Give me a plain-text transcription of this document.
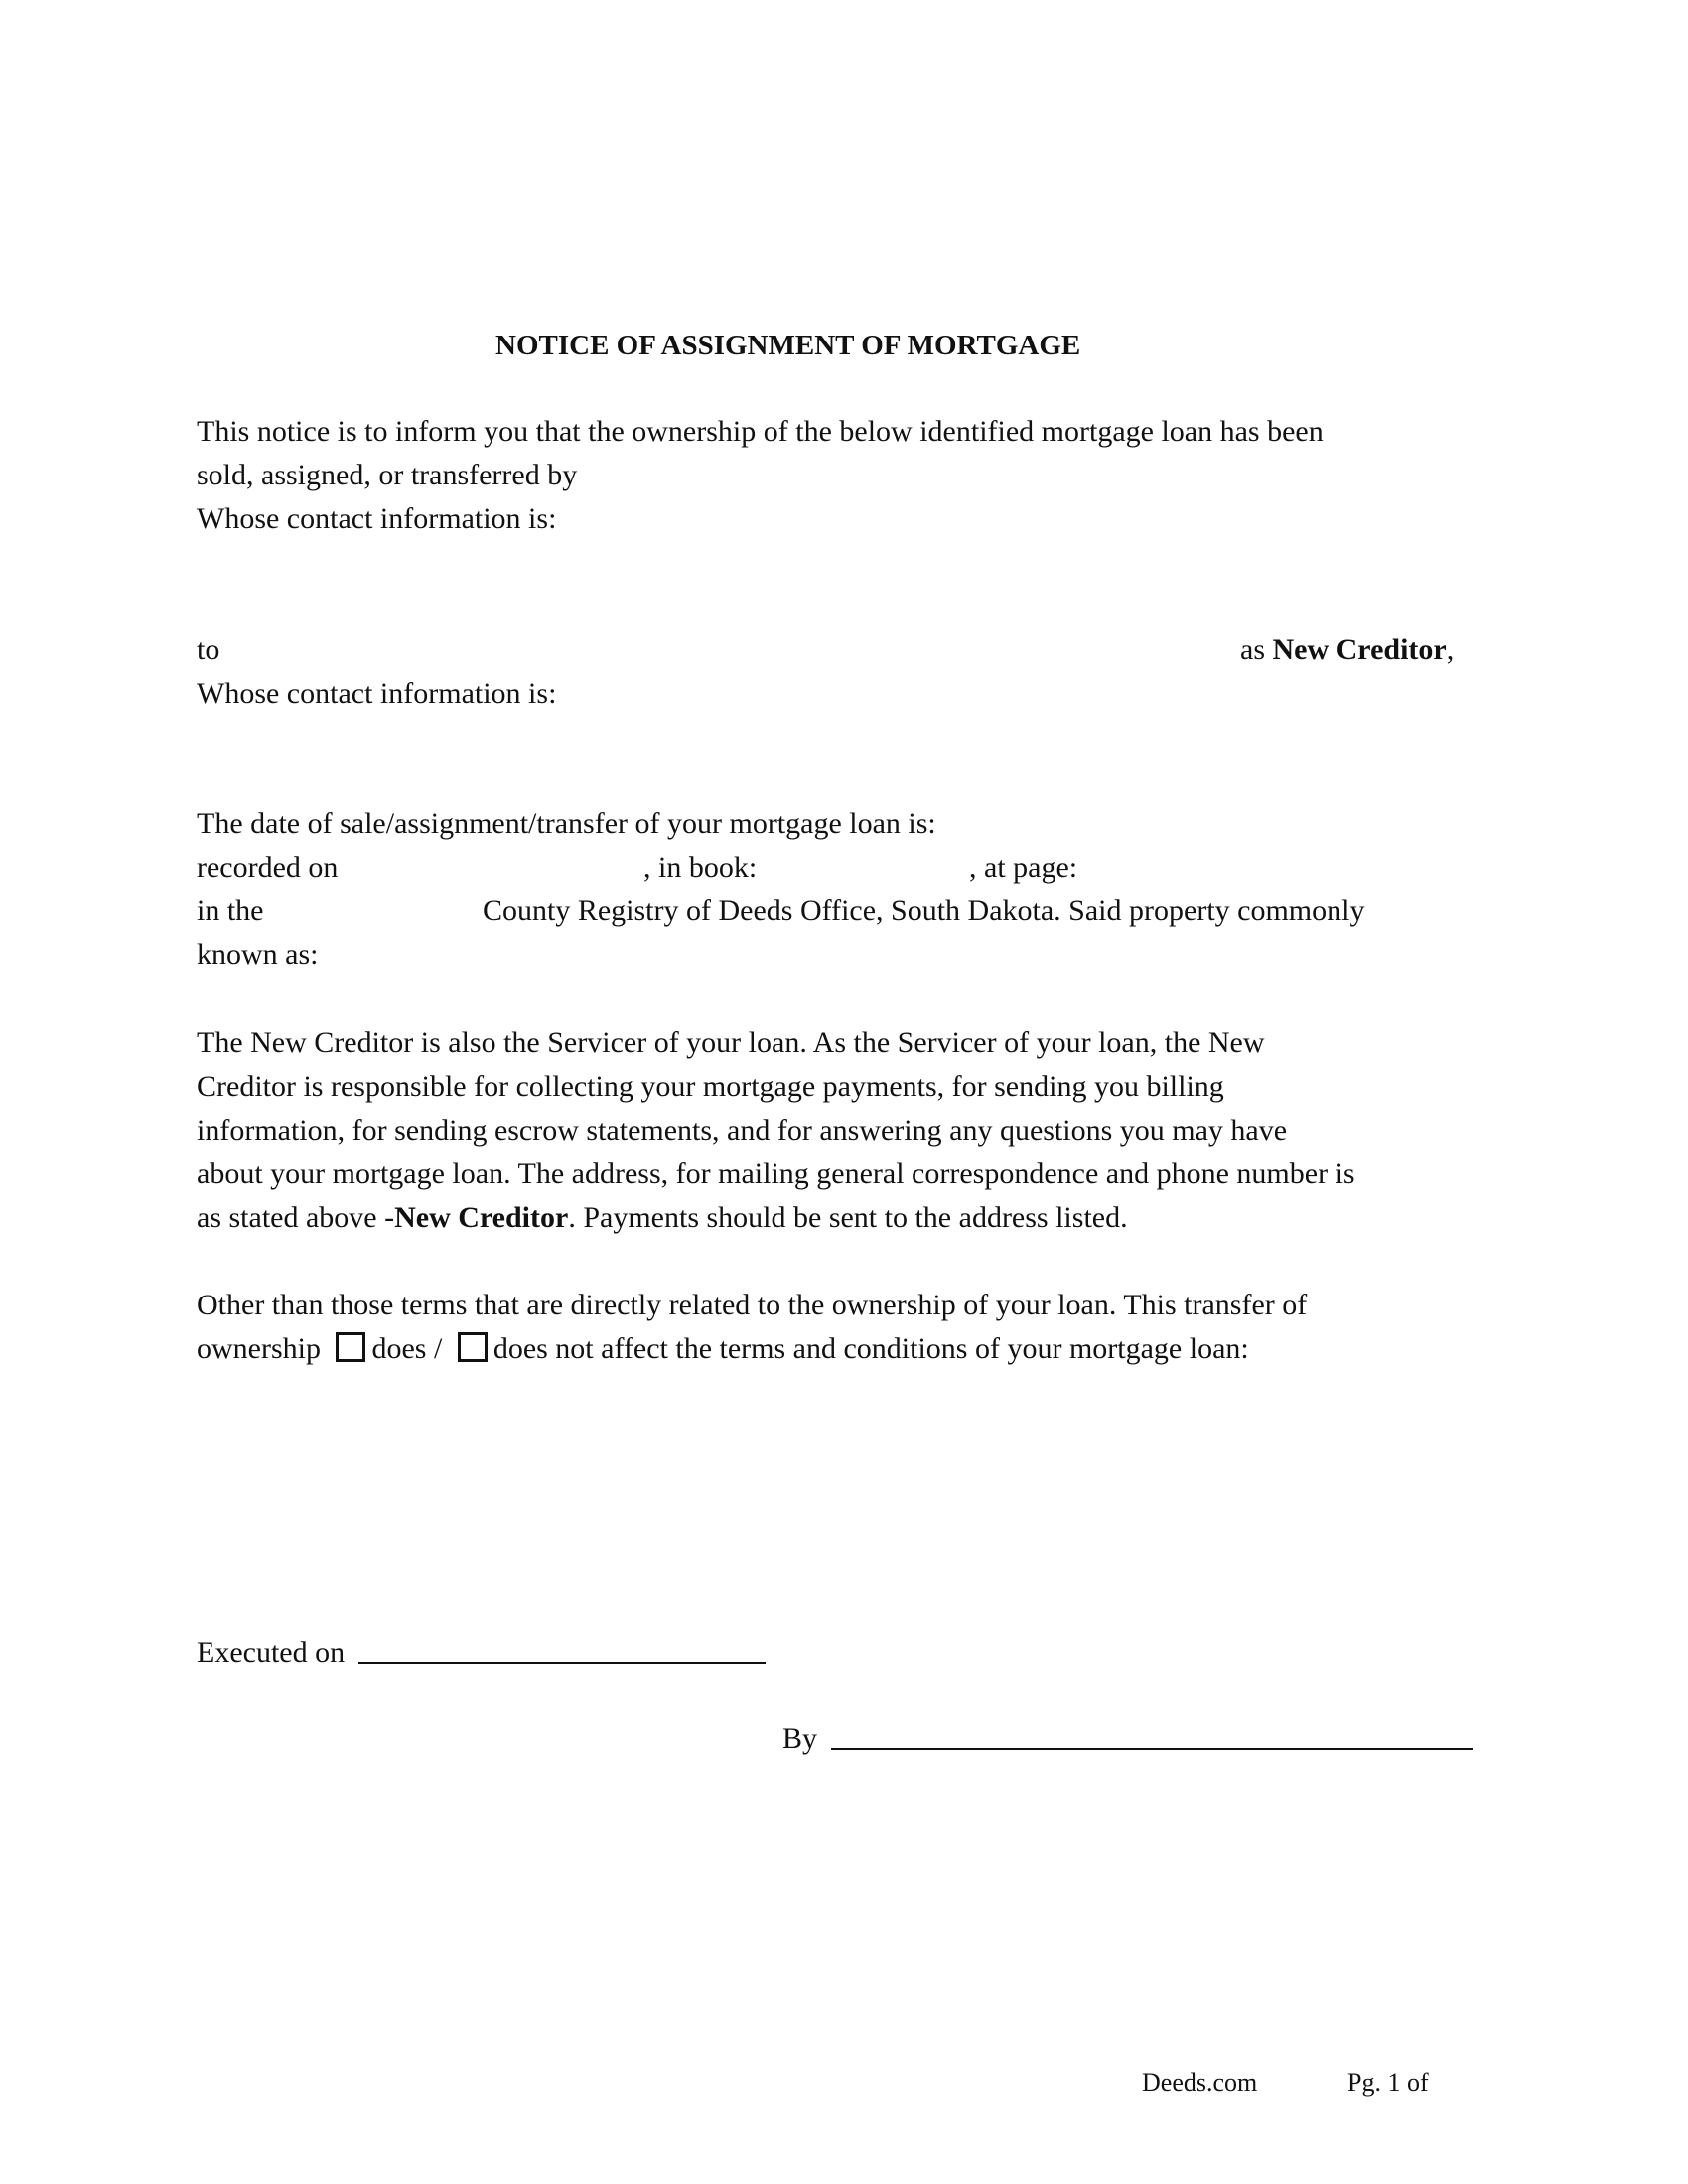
NOTICE OF ASSIGNMENT OF MORTGAGE
This notice is to inform you that the ownership of the below identified mortgage loan has been
sold, assigned, or transferred by
Whose contact information is:
to	as New Creditor,
Whose contact information is:
The date of sale/assignment/transfer of your mortgage loan is:
recorded on	, in book:	, at page:
in the	County Registry of Deeds Office, South Dakota. Said property commonly
known as:
The New Creditor is also the Servicer of your loan. As the Servicer of your loan, the New
Creditor is responsible for collecting your mortgage payments, for sending you billing
information, for sending escrow statements, and for answering any questions you may have
about your mortgage loan. The address, for mailing general correspondence and phone number is
as stated above -New Creditor. Payments should be sent to the address listed.
Other than those terms that are directly related to the ownership of your loan. This transfer of
ownership does / does not affect the terms and conditions of your mortgage loan:
Executed on
By
Deeds.com	Pg. 1 of
